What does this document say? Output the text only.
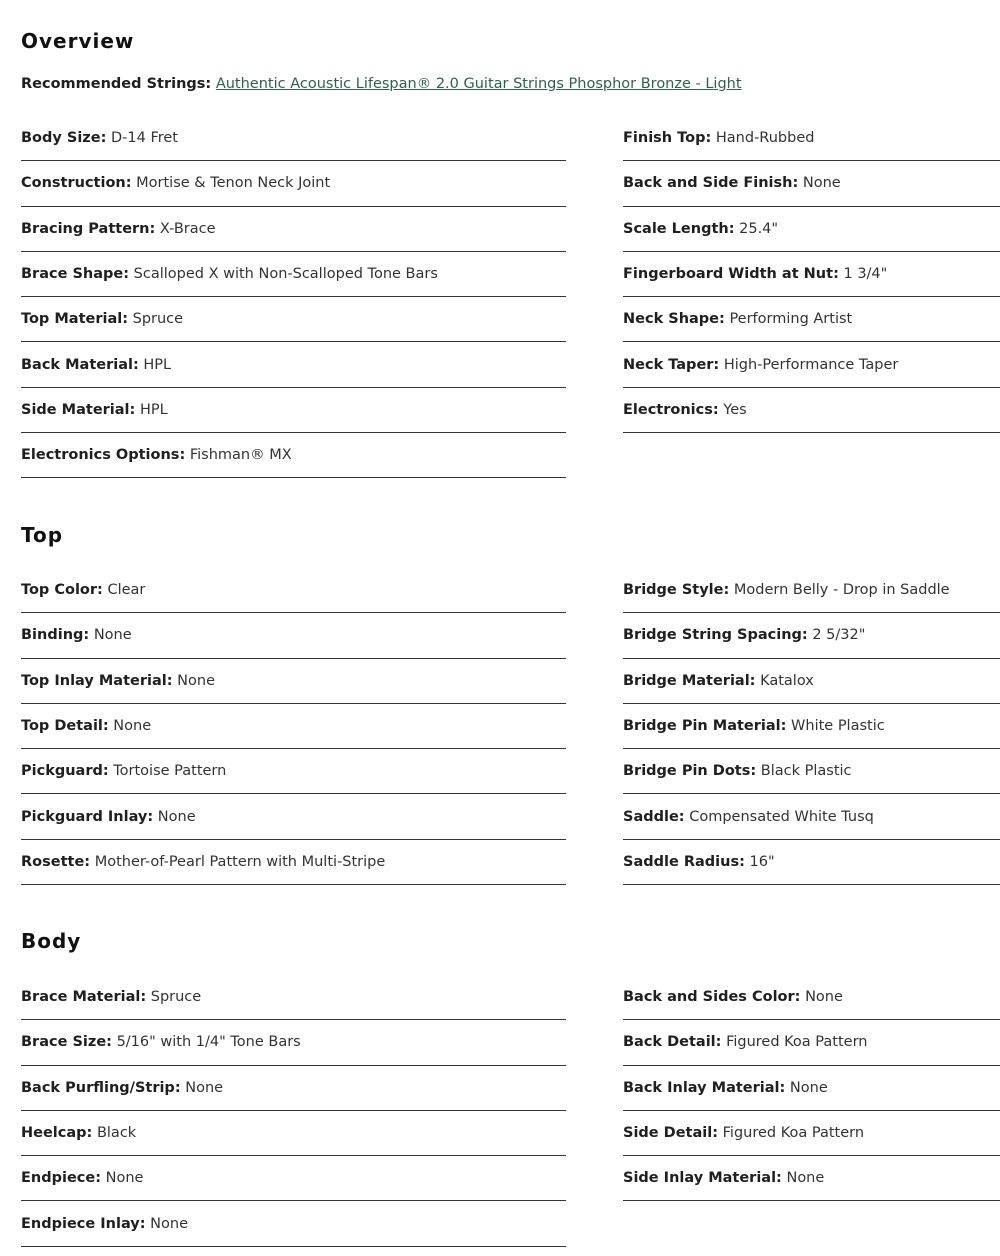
Overview
Recommended Strings: Authentic Acoustic Lifespan® 2.0 Guitar Strings Phosphor Bronze - Light
Body Size:
D-14 Fret
Construction:
Mortise & Tenon Neck Joint
Bracing Pattern:
X-Brace
Brace Shape:
Scalloped X with Non-Scalloped Tone Bars
Top Material:
Spruce
Back Material:
HPL
Side Material:
HPL
Electronics Options:
Fishman® MX
Finish Top:
Hand-Rubbed
Back and Side Finish:
None
Scale Length:
25.4"
Fingerboard Width at Nut:
1 3/4"
Neck Shape:
Performing Artist
Neck Taper:
High-Performance Taper
Electronics:
Yes
Top
Top Color:
Clear
Binding:
None
Top Inlay Material:
None
Top Detail:
None
Pickguard:
Tortoise Pattern
Pickguard Inlay:
None
Rosette:
Mother-of-Pearl Pattern with Multi-Stripe
Bridge Style:
Modern Belly - Drop in Saddle
Bridge String Spacing:
2 5/32"
Bridge Material:
Katalox
Bridge Pin Material:
White Plastic
Bridge Pin Dots:
Black Plastic
Saddle:
Compensated White Tusq
Saddle Radius:
16"
Body
Brace Material:
Spruce
Brace Size:
5/16" with 1/4" Tone Bars
Back Purfling/Strip:
None
Heelcap:
Black
Endpiece:
None
Endpiece Inlay:
None
Back and Sides Color:
None
Back Detail:
Figured Koa Pattern
Back Inlay Material:
None
Side Detail:
Figured Koa Pattern
Side Inlay Material:
None
